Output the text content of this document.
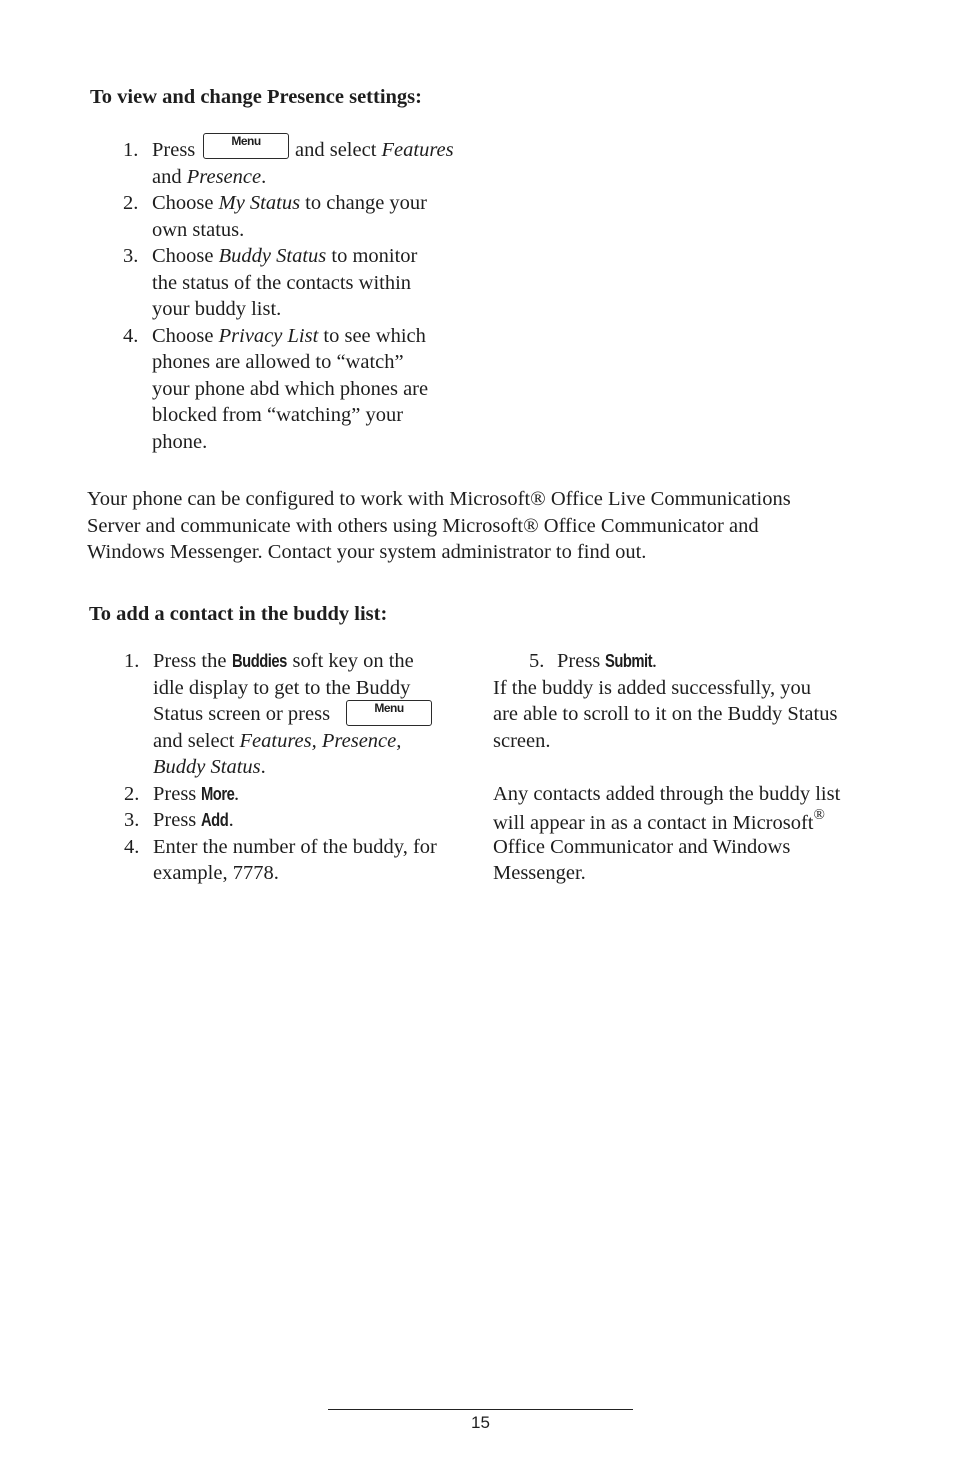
To view and change Presence settings:
1. Press	Menu	and select Features
and Presence.
2. Choose My Status to change your
own status.
3. Choose Buddy Status to monitor
the status of the contacts within
your buddy list.
4. Choose Privacy List to see which
phones are allowed to “watch”
your phone abd which phones are
blocked from “watching” your
phone.
Your phone can be configured to work with Microsoft® Office Live Communications
Server and communicate with others using Microsoft® Office Communicator and
Windows Messenger. Contact your system administrator to find out.
To add a contact in the buddy list:
1. Press the Buddies soft key on the
idle display to get to the Buddy
Status screen or press	Menu
and select Features, Presence,
Buddy Status.
2. Press More.
3. Press Add.
4. Enter the number of the buddy, for
example, 7778.
5. Press Submit.
If the buddy is added successfully, you
are able to scroll to it on the Buddy Status
screen.
Any contacts added through the buddy list
will appear in as a contact in Microsoft®
Office Communicator and Windows
Messenger.
15
